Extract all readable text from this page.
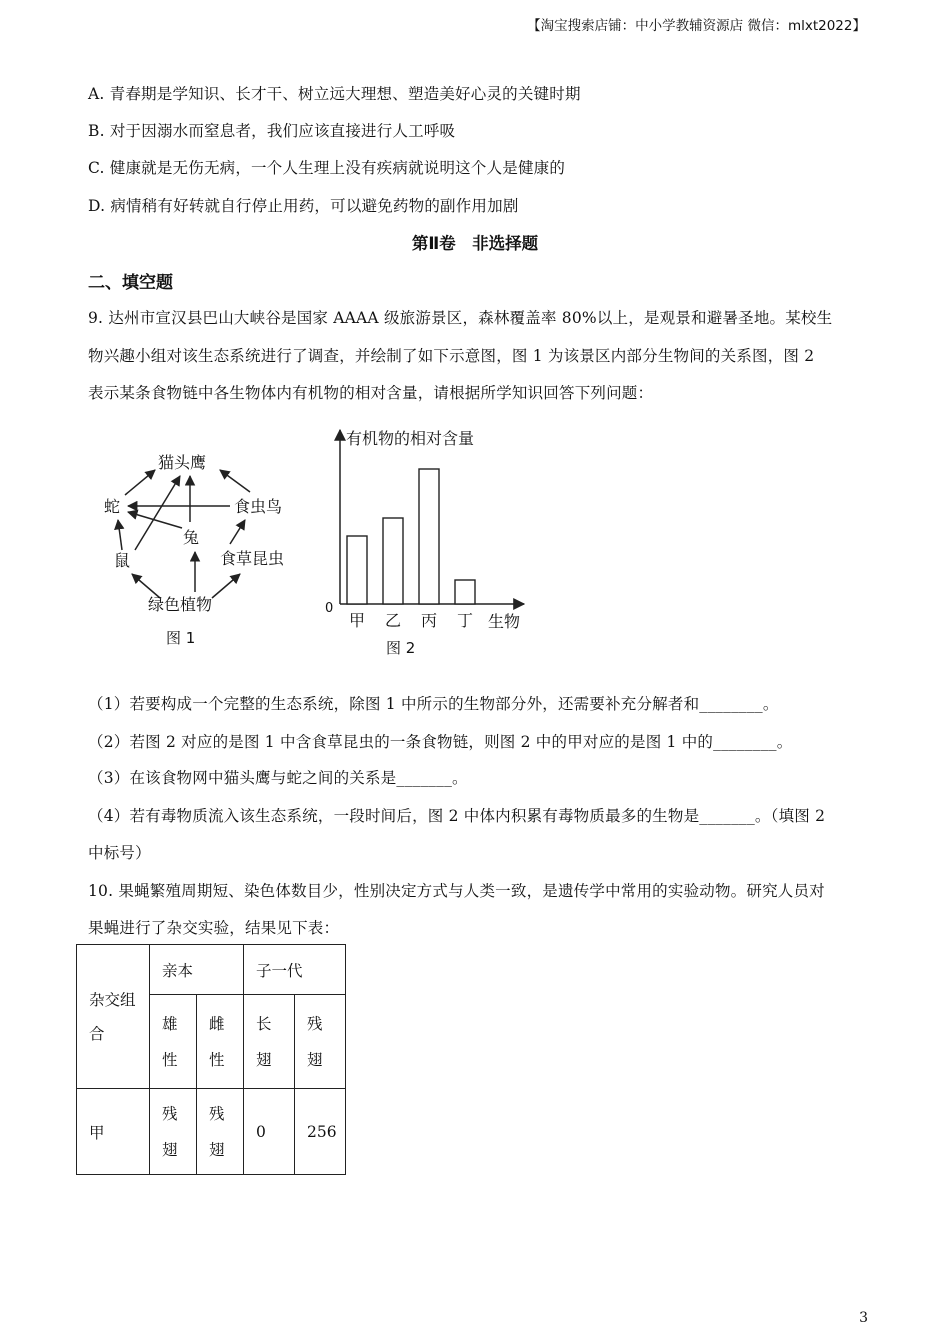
【淘宝搜索店铺：中小学教辅资源店 微信：mlxt2022】
A. 青春期是学知识、长才干、树立远大理想、塑造美好心灵的关键时期
B. 对于因溺水而窒息者，我们应该直接进行人工呼吸
C. 健康就是无伤无病，一个人生理上没有疾病就说明这个人是健康的
D. 病情稍有好转就自行停止用药，可以避免药物的副作用加剧
第Ⅱ卷　非选择题
二、填空题
9. 达州市宣汉县巴山大峡谷是国家 AAAA 级旅游景区，森林覆盖率 80%以上，是观景和避暑圣地。某校生
物兴趣小组对该生态系统进行了调查，并绘制了如下示意图，图 1 为该景区内部分生物间的关系图，图 2
表示某条食物链中各生物体内有机物的相对含量，请根据所学知识回答下列问题：
猫头鹰
蛇	食虫鸟
兔
鼠	食草昆虫
绿色植物
图 1
有机物的相对含量
0
甲 乙 丙 丁 生物
图 2
（1）若要构成一个完整的生态系统，除图 1 中所示的生物部分外，还需要补充分解者和________。
（2）若图 2 对应的是图 1 中含食草昆虫的一条食物链，则图 2 中的甲对应的是图 1 中的________。
（3）在该食物网中猫头鹰与蛇之间的关系是_______。
（4）若有毒物质流入该生态系统，一段时间后，图 2 中体内积累有毒物质最多的生物是_______。（填图 2
中标号）
10. 果蝇繁殖周期短、染色体数目少，性别决定方式与人类一致，是遗传学中常用的实验动物。研究人员对
果蝇进行了杂交实验，结果见下表：
杂交组合	亲本		子一代	

	雄性	雌性	长翅	残翅

甲	残翅	残翅	0	256
3
